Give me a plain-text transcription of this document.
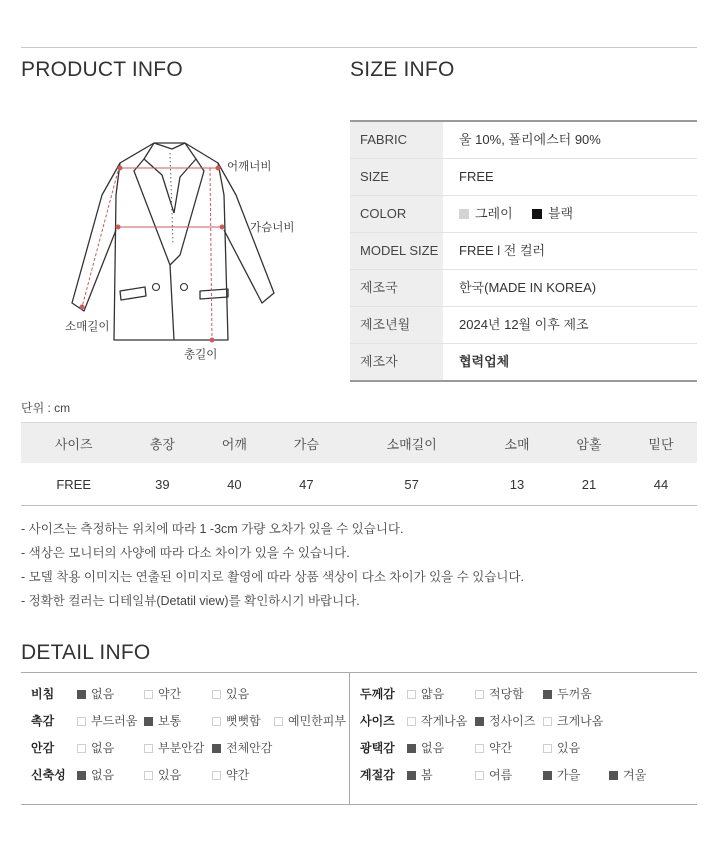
PRODUCT INFO	SIZE INFO
어깨너비
가슴너비
소매길이
총길이
FABRIC	울 10%, 폴리에스터 90%
SIZE	FREE
COLOR	그레이	블랙
MODEL SIZE	FREE l 전 컬러
제조국	한국(MADE IN KOREA)
제조년월	2024년 12월 이후 제조
제조자	협력업체
단위 : cm
사이즈	총장	어깨	가슴	소매길이	소매	암홀	밑단
FREE	39	40	47	57	13	21	44
- 사이즈는 측정하는 위치에 따라 1 -3cm 가량 오차가 있을 수 있습니다.
- 색상은 모니터의 사양에 따라 다소 차이가 있을 수 있습니다.
- 모델 착용 이미지는 연출된 이미지로 촬영에 따라 상품 색상이 다소 차이가 있을 수 있습니다.
- 정확한 컬러는 디테일뷰(Detatil view)를 확인하시기 바랍니다.
DETAIL INFO
비침	없음	약간	있음
촉감	부드러움	보통	뻣뻣함	예민한피부
안감	없음	부분안감	전체안감
신축성	없음	있음	약간
두께감	얇음	적당함	두꺼움
사이즈	작게나옴	정사이즈	크게나옴
광택감	없음	약간	있음
계절감	봄	여름	가을	겨울
